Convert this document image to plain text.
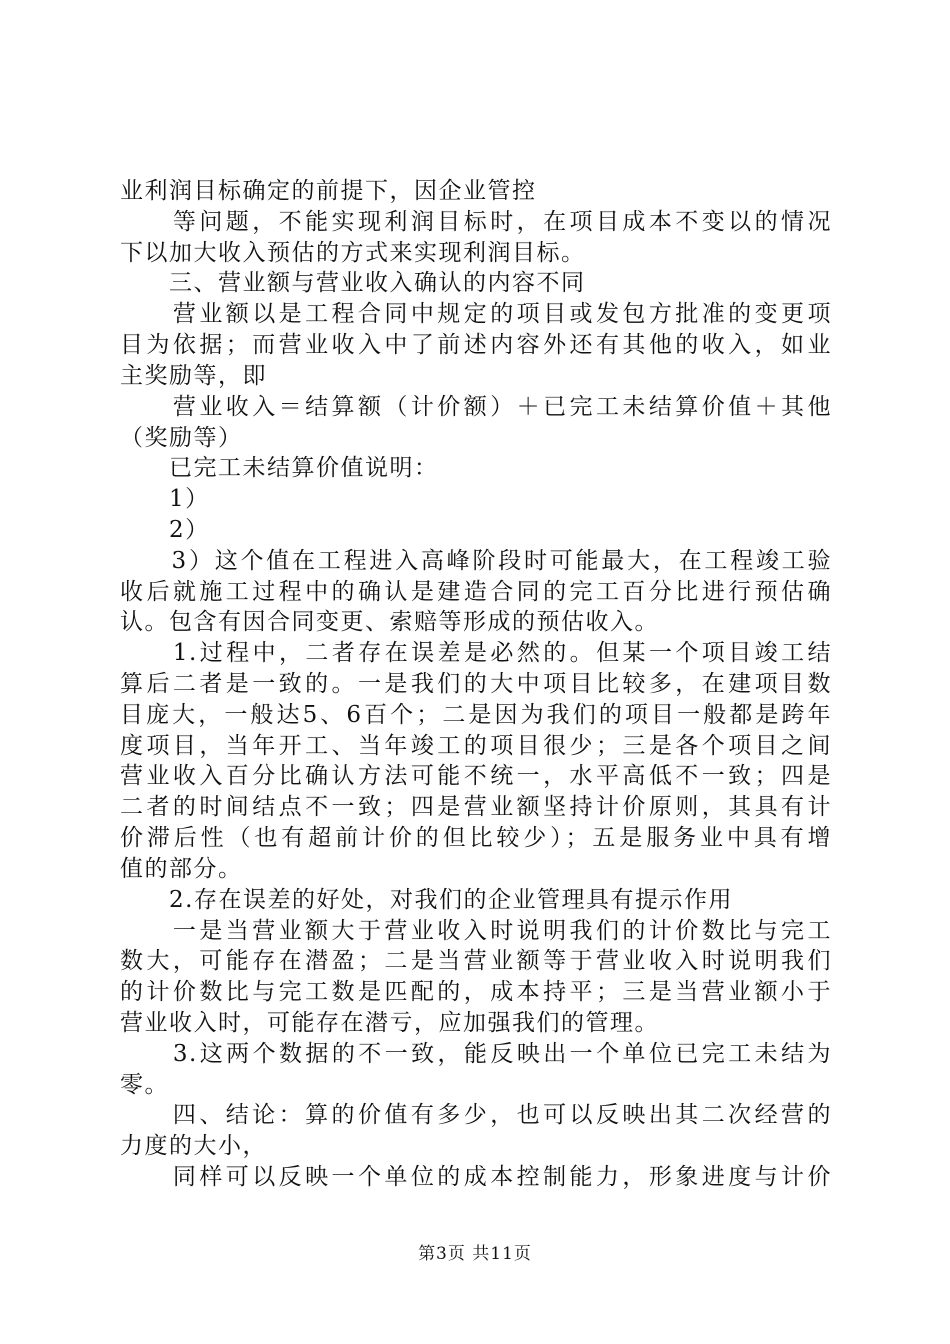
业利润目标确定的前提下，因企业管控
　　等问题，不能实现利润目标时，在项目成本不变以的情况
下以加大收入预估的方式来实现利润目标。
　　三、营业额与营业收入确认的内容不同
　　营业额以是工程合同中规定的项目或发包方批准的变更项
目为依据；而营业收入中了前述内容外还有其他的收入，如业
主奖励等，即
　　营业收入＝结算额（计价额）＋已完工未结算价值＋其他
（奖励等）
　　已完工未结算价值说明：
　　1）
　　2）
　　3）这个值在工程进入高峰阶段时可能最大，在工程竣工验
收后就施工过程中的确认是建造合同的完工百分比进行预估确
认。包含有因合同变更、索赔等形成的预估收入。
　　1.过程中，二者存在误差是必然的。但某一个项目竣工结
算后二者是一致的。一是我们的大中项目比较多，在建项目数
目庞大，一般达5、6百个；二是因为我们的项目一般都是跨年
度项目，当年开工、当年竣工的项目很少；三是各个项目之间
营业收入百分比确认方法可能不统一，水平高低不一致；四是
二者的时间结点不一致；四是营业额坚持计价原则，其具有计
价滞后性（也有超前计价的但比较少）；五是服务业中具有增
值的部分。
　　2.存在误差的好处，对我们的企业管理具有提示作用
　　一是当营业额大于营业收入时说明我们的计价数比与完工
数大，可能存在潜盈；二是当营业额等于营业收入时说明我们
的计价数比与完工数是匹配的，成本持平；三是当营业额小于
营业收入时，可能存在潜亏，应加强我们的管理。
　　3.这两个数据的不一致，能反映出一个单位已完工未结为
零。
　　四、结论：算的价值有多少，也可以反映出其二次经营的
力度的大小，
　　同样可以反映一个单位的成本控制能力，形象进度与计价
第3页 共11页
